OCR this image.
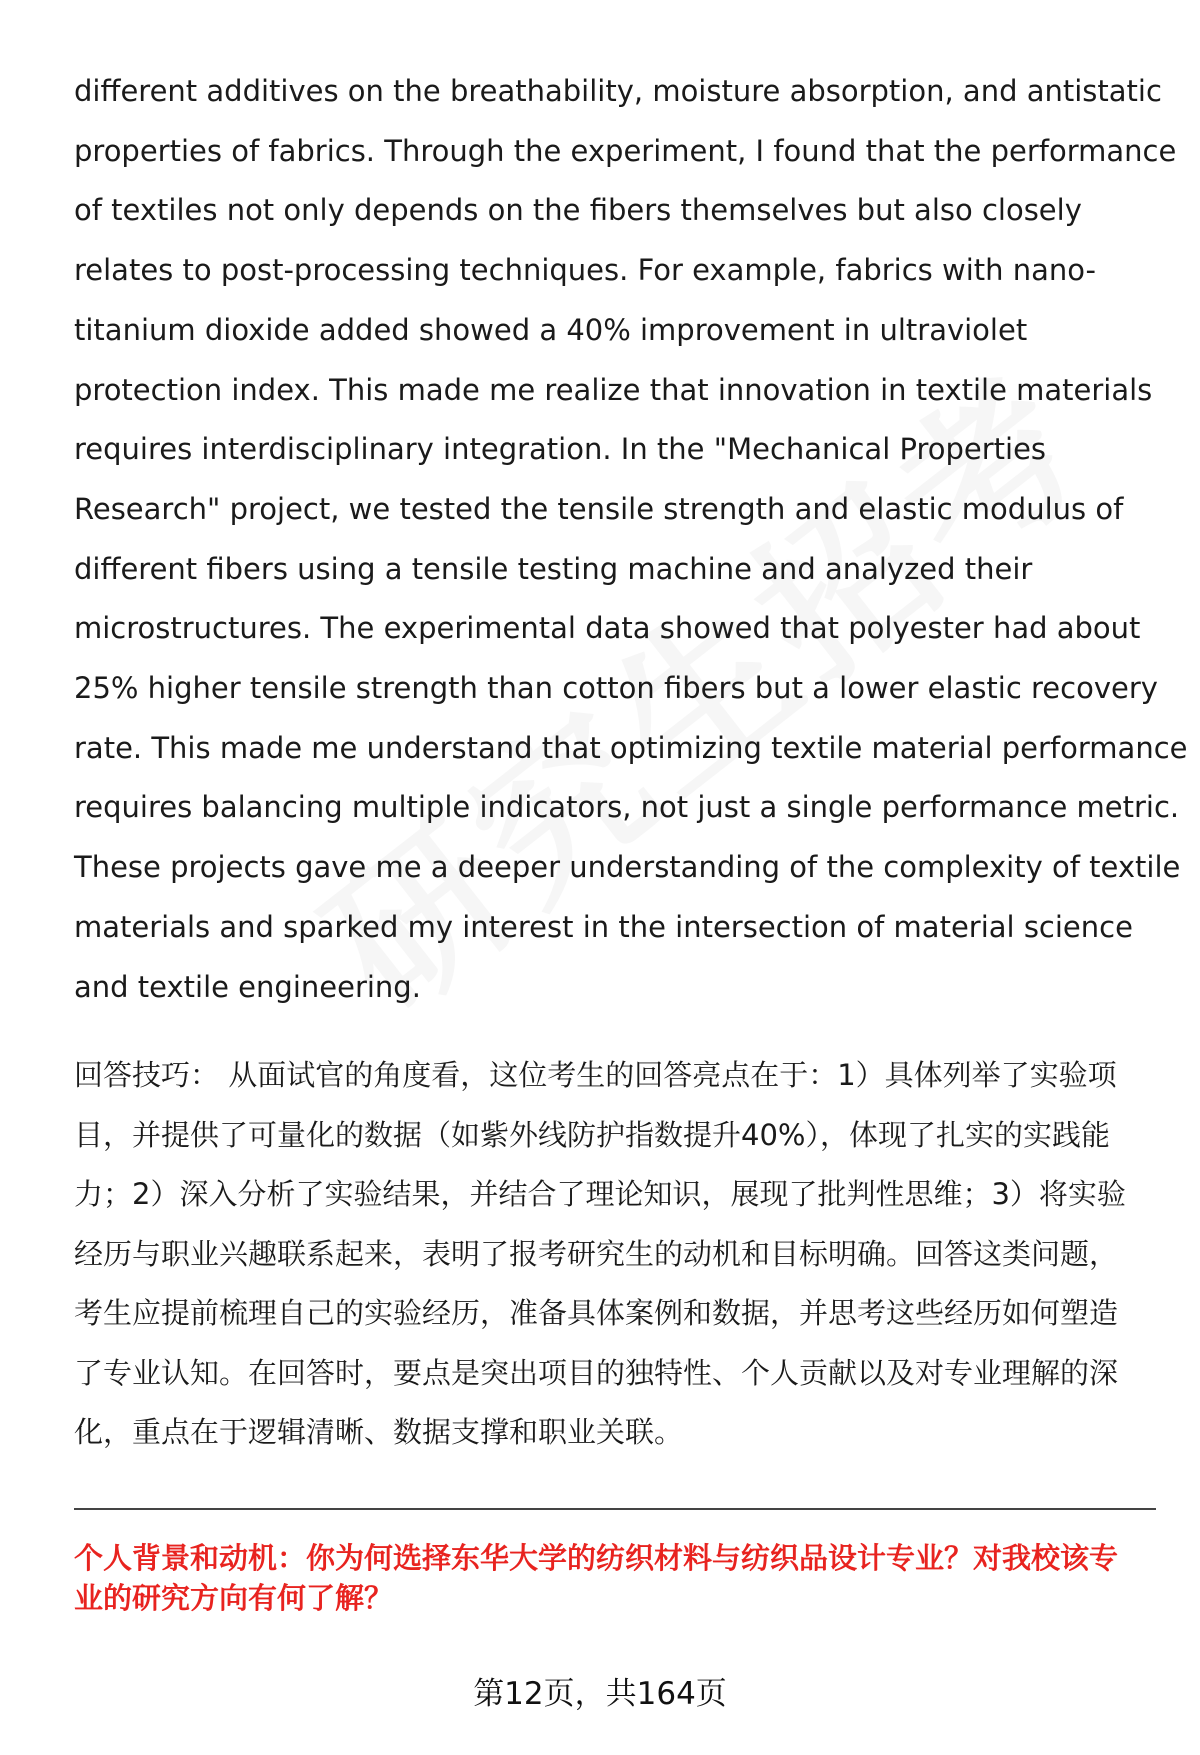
different additives on the breathability, moisture absorption, and antistatic
properties of fabrics. Through the experiment, I found that the performance
of textiles not only depends on the fibers themselves but also closely
relates to post-processing techniques. For example, fabrics with nano-
titanium dioxide added showed a 40% improvement in ultraviolet
protection index. This made me realize that innovation in textile materials
requires interdisciplinary integration. In the "Mechanical Properties
Research" project, we tested the tensile strength and elastic modulus of
different fibers using a tensile testing machine and analyzed their
microstructures. The experimental data showed that polyester had about
25% higher tensile strength than cotton fibers but a lower elastic recovery
rate. This made me understand that optimizing textile material performance
requires balancing multiple indicators, not just a single performance metric.
These projects gave me a deeper understanding of the complexity of textile
materials and sparked my interest in the intersection of material science
and textile engineering.
回答技巧： 从面试官的角度看，这位考生的回答亮点在于：1）具体列举了实验项
目，并提供了可量化的数据（如紫外线防护指数提升40%），体现了扎实的实践能
力；2）深入分析了实验结果，并结合了理论知识，展现了批判性思维；3）将实验
经历与职业兴趣联系起来，表明了报考研究生的动机和目标明确。回答这类问题，
考生应提前梳理自己的实验经历，准备具体案例和数据，并思考这些经历如何塑造
了专业认知。在回答时，要点是突出项目的独特性、个人贡献以及对专业理解的深
化，重点在于逻辑清晰、数据支撑和职业关联。
个人背景和动机：你为何选择东华大学的纺织材料与纺织品设计专业？对我校该专
业的研究方向有何了解？
第12页，共164页
